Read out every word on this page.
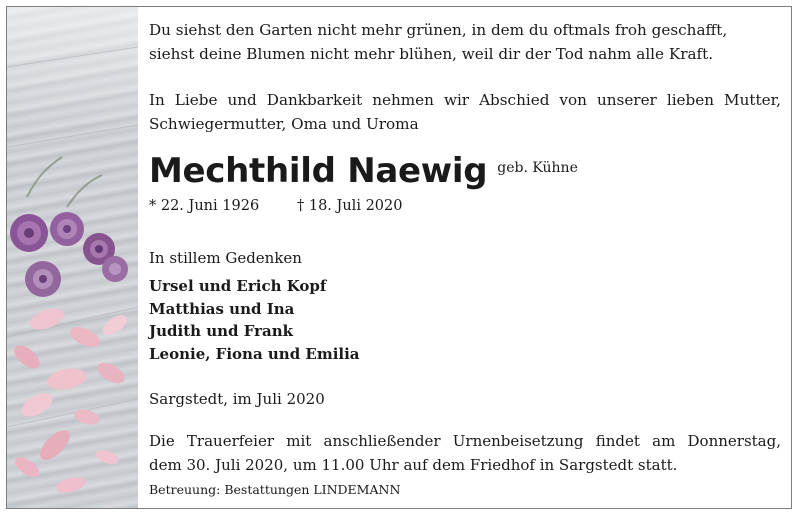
Du siehst den Garten nicht mehr grünen, in dem du oftmals froh geschafft,
siehst deine Blumen nicht mehr blühen, weil dir der Tod nahm alle Kraft.
In Liebe und Dankbarkeit nehmen wir Abschied von unserer lieben Mutter,
Schwiegermutter, Oma und Uroma
Mechthild Naewig geb. Kühne
* 22. Juni 1926	† 18. Juli 2020
In stillem Gedenken
Ursel und Erich Kopf
Matthias und Ina
Judith und Frank
Leonie, Fiona und Emilia
Sargstedt, im Juli 2020
Die Trauerfeier mit anschließender Urnenbeisetzung findet am Donnerstag,
dem 30. Juli 2020, um 11.00 Uhr auf dem Friedhof in Sargstedt statt.
Betreuung: Bestattungen LINDEMANN
